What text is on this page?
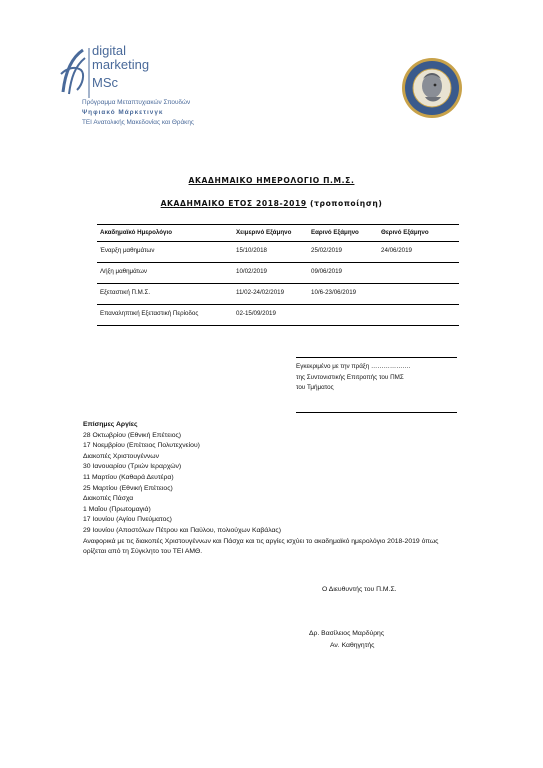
digital
marketing
MSc
Πρόγραμμα Μεταπτυχιακών Σπουδών
Ψηφιακό Μάρκετινγκ
ΤΕΙ Ανατολικής Μακεδονίας και Θράκης
ΑΚΑΔΗΜΑΙΚΟ ΗΜΕΡΟΛΟΓΙΟ Π.Μ.Σ.
ΑΚΑΔΗΜΑΙΚΟ ΕΤΟΣ 2018-2019 (τροποποίηση)
Ακαδημαϊκό Ημερολόγιο	Χειμερινό Εξάμηνο	Εαρινό Εξάμηνο	Θερινό Εξάμηνο
Έναρξη μαθημάτων	15/10/2018	25/02/2019	24/06/2019
Λήξη μαθημάτων	10/02/2019	09/06/2019	
Εξεταστική Π.Μ.Σ.	11/02-24/02/2019	10/6-23/06/2019	
Επαναληπτική Εξεταστική Περίοδος	02-15/09/2019		
Εγκεκριμένο με την πράξη ……………….
της Συντονιστικής Επιτροπής του ΠΜΣ
του Τμήματος
Επίσημες Αργίες
28 Οκτωβρίου (Εθνική Επέτειος)
17 Νοεμβρίου (Επέτειος Πολυτεχνείου)
Διακοπές Χριστουγέννων
30 Ιανουαρίου (Τριών Ιεραρχών)
11 Μαρτίου (Καθαρά Δευτέρα)
25 Μαρτίου (Εθνική Επέτειος)
Διακοπές Πάσχα
1 Μαΐου (Πρωτομαγιά)
17 Ιουνίου (Αγίου Πνεύματος)
29 Ιουνίου (Αποστόλων Πέτρου και Παύλου, πολιούχων Καβάλας)
Αναφορικά με τις διακοπές Χριστουγέννων και Πάσχα και τις αργίες ισχύει το ακαδημαϊκό ημερολόγιο 2018-2019 όπως ορίζεται από τη Σύγκλητο του ΤΕΙ ΑΜΘ.
Ο Διευθυντής του Π.Μ.Σ.
Δρ. Βασίλειος Μαρδύρης
Αν. Καθηγητής
